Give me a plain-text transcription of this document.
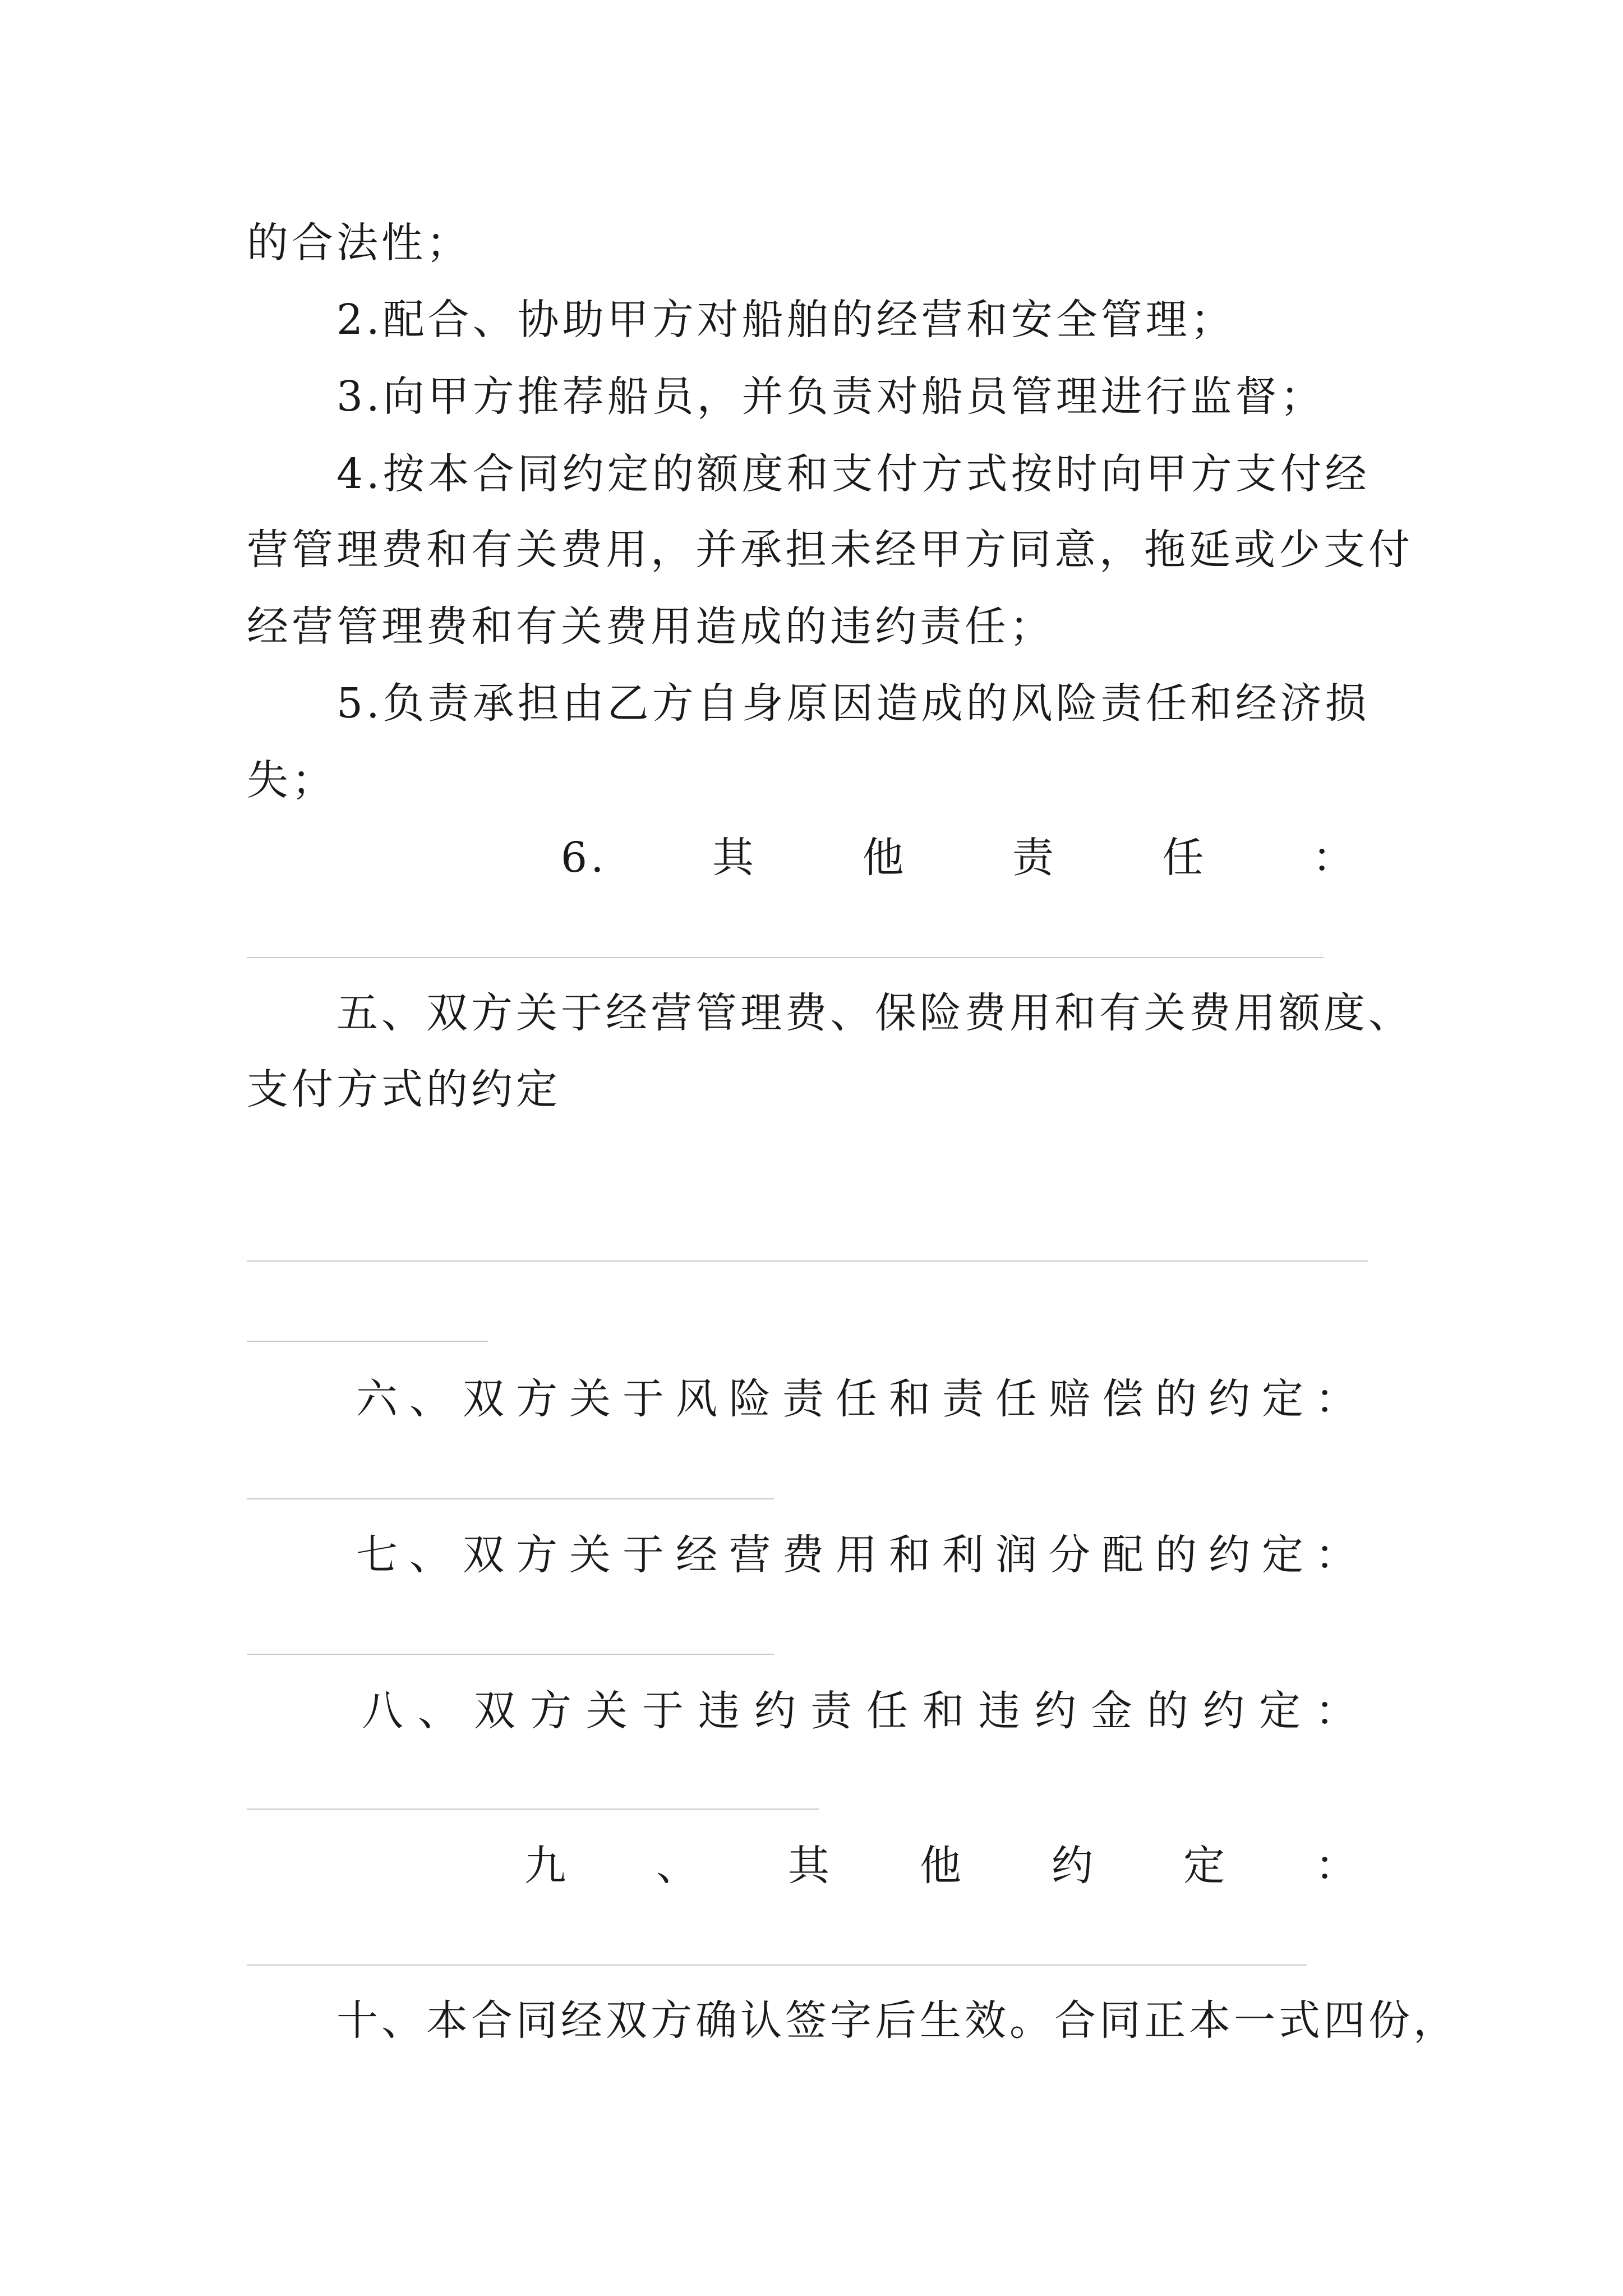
的合法性；
2.配合、协助甲方对船舶的经营和安全管理；
3.向甲方推荐船员，并负责对船员管理进行监督；
4.按本合同约定的额度和支付方式按时向甲方支付经
营管理费和有关费用，并承担未经甲方同意，拖延或少支付
经营管理费和有关费用造成的违约责任；
5.负责承担由乙方自身原因造成的风险责任和经济损
失；
6.	其	他	责	任	：
五、双方关于经营管理费、保险费用和有关费用额度、
支付方式的约定
六 、 双 方 关 于 风 险 责 任 和 责 任 赔 偿 的 约 定 ：
七 、 双 方 关 于 经 营 费 用 和 利 润 分 配 的 约 定 ：
八 、 双 方 关 于 违 约 责 任 和 违 约 金 的 约 定 ：
九 、 其 他 约 定 ：
十、本合同经双方确认签字后生效。合同正本一式四份，
